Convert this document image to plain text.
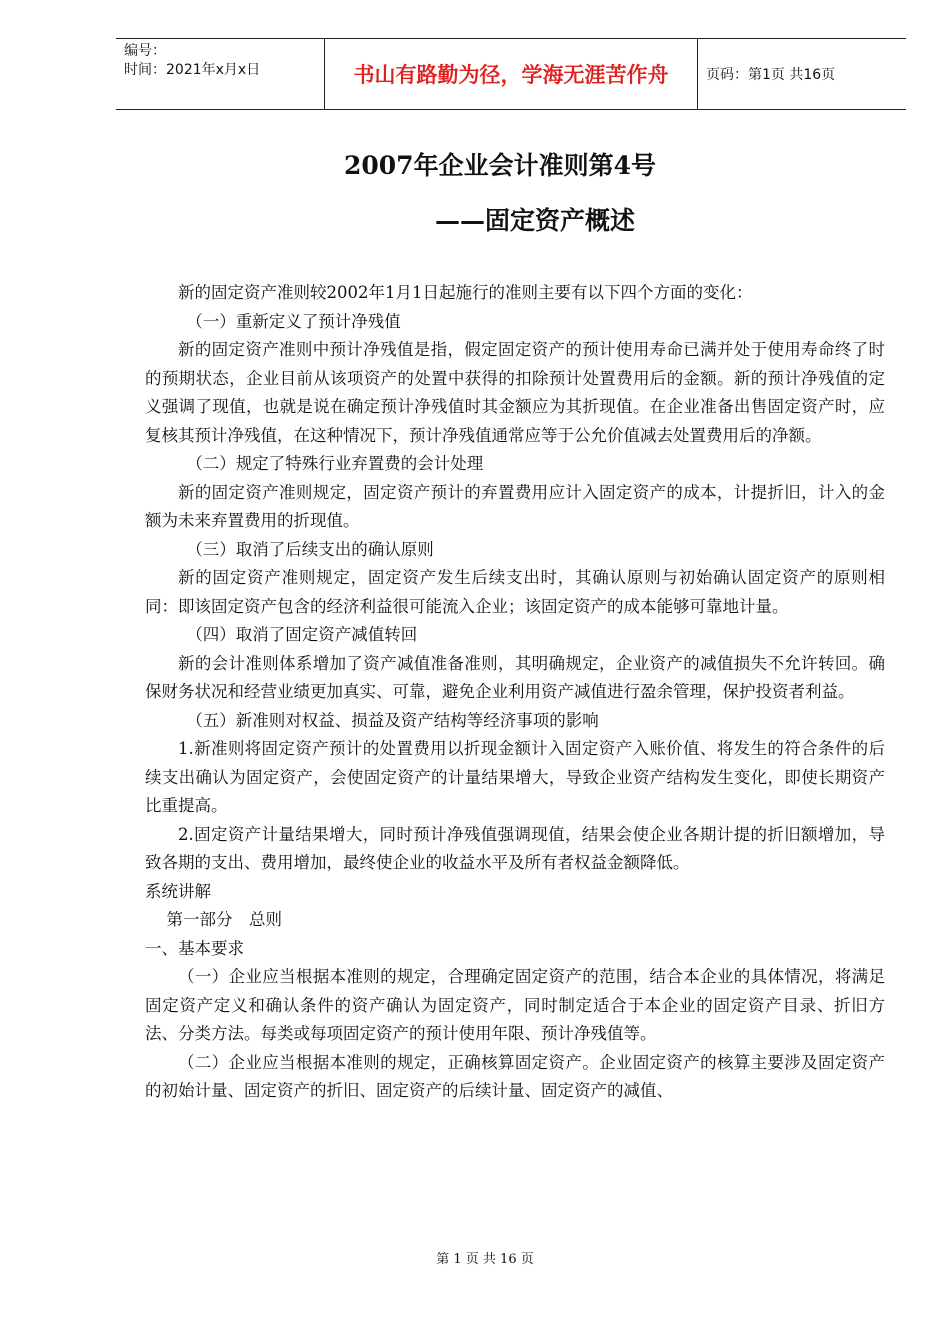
编号：
时间：2021年x月x日	书山有路勤为径，学海无涯苦作舟	页码：第1页 共16页
2007年企业会计准则第4号
——固定资产概述

新的固定资产准则较2002年1月1日起施行的准则主要有以下四个方面的变化：

（一）重新定义了预计净残值

新的固定资产准则中预计净残值是指，假定固定资产的预计使用寿命已满并处于使用寿命终了时的预期状态，企业目前从该项资产的处置中获得的扣除预计处置费用后的金额。新的预计净残值的定义强调了现值，也就是说在确定预计净残值时其金额应为其折现值。在企业准备出售固定资产时，应复核其预计净残值，在这种情况下，预计净残值通常应等于公允价值减去处置费用后的净额。

（二）规定了特殊行业弃置费的会计处理

新的固定资产准则规定，固定资产预计的弃置费用应计入固定资产的成本，计提折旧，计入的金额为未来弃置费用的折现值。

（三）取消了后续支出的确认原则

新的固定资产准则规定，固定资产发生后续支出时，其确认原则与初始确认固定资产的原则相同：即该固定资产包含的经济利益很可能流入企业；该固定资产的成本能够可靠地计量。

（四）取消了固定资产减值转回

新的会计准则体系增加了资产减值准备准则，其明确规定，企业资产的减值损失不允许转回。确保财务状况和经营业绩更加真实、可靠，避免企业利用资产减值进行盈余管理，保护投资者利益。

（五）新准则对权益、损益及资产结构等经济事项的影响

1.新准则将固定资产预计的处置费用以折现金额计入固定资产入账价值、将发生的符合条件的后续支出确认为固定资产，会使固定资产的计量结果增大，导致企业资产结构发生变化，即使长期资产比重提高。

2.固定资产计量结果增大，同时预计净残值强调现值，结果会使企业各期计提的折旧额增加，导致各期的支出、费用增加，最终使企业的收益水平及所有者权益金额降低。

系统讲解

第一部分　总则

一、基本要求

（一）企业应当根据本准则的规定，合理确定固定资产的范围，结合本企业的具体情况，将满足固定资产定义和确认条件的资产确认为固定资产，同时制定适合于本企业的固定资产目录、折旧方法、分类方法。每类或每项固定资产的预计使用年限、预计净残值等。

（二）企业应当根据本准则的规定，正确核算固定资产。企业固定资产的核算主要涉及固定资产的初始计量、固定资产的折旧、固定资产的后续计量、固定资产的减值、

第 1 页 共 16 页
